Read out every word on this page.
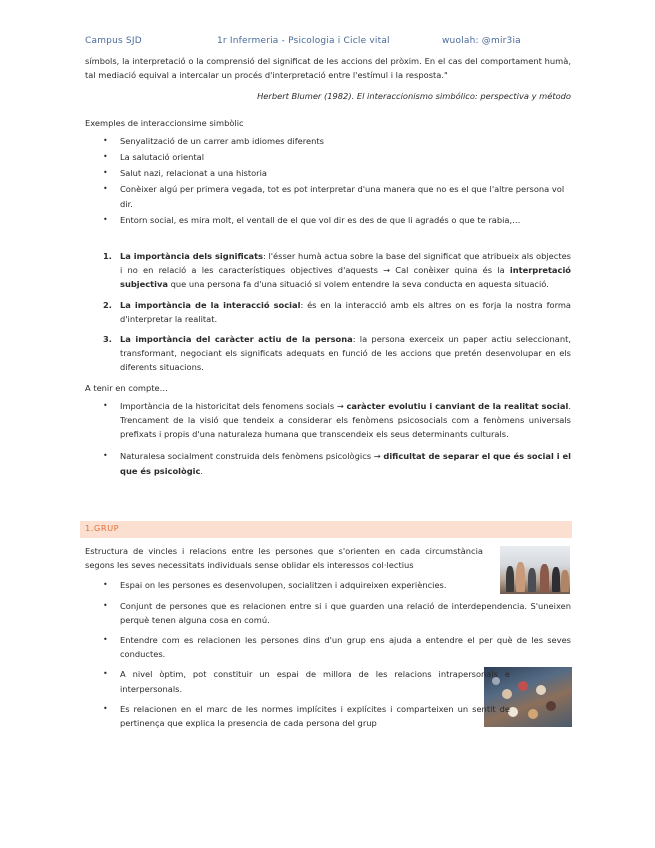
Campus SJD	1r Infermeria - Psicologia i Cicle vital	wuolah: @mir3ia

símbols, la interpretació o la comprensió del significat de les accions del pròxim. En el cas del comportament humà, tal mediació equival a intercalar un procés d'interpretació entre l'estímul i la resposta."

Herbert Blumer (1982). El interaccionismo simbólico: perspectiva y método

Exemples de interaccionsime simbòlic

• Senyalització de un carrer amb idiomes diferents
• La salutació oriental
• Salut nazi, relacionat a una historia
• Conèixer algú per primera vegada, tot es pot interpretar d'una manera que no es el que l'altre persona vol dir.
• Entorn social, es mira molt, el ventall de el que vol dir es des de que li agradés o que te rabia,…
1. La importància dels significats: l'ésser humà actua sobre la base del significat que atribueix als objectes i no en relació a les característiques objectives d'aquests → Cal conèixer quina és la interpretació subjectiva que una persona fa d'una situació si volem entendre la seva conducta en aquesta situació.
2. La importància de la interacció social: és en la interacció amb els altres on es forja la nostra forma d'interpretar la realitat.
3. La importància del caràcter actiu de la persona: la persona exerceix un paper actiu seleccionant, transformant, negociant els significats adequats en funció de les accions que pretén desenvolupar en els diferents situacions.

A tenir en compte…

• Importància de la historicitat dels fenomens socials → caràcter evolutiu i canviant de la realitat social. Trencament de la visió que tendeix a considerar els fenòmens psicosocials com a fenòmens universals prefixats i propis d'una naturaleza humana que transcendeix els seus determinants culturals.
• Naturalesa socialment construida dels fenòmens psicològics → dificultat de separar el que és social i el que és psicològic.
1.GRUP

Estructura de vincles i relacions entre les persones que s'orienten en cada circumstància segons les seves necessitats individuals sense oblidar els interessos col·lectius

• Espai on les persones es desenvolupen, socialitzen i adquireixen experiències.
• Conjunt de persones que es relacionen entre si i que guarden una relació de interdependencia. S'uneixen perquè tenen alguna cosa en comú.
• Entendre com es relacionen les persones dins d'un grup ens ajuda a entendre el per què de les seves conductes.
• A nivel òptim, pot constituir un espai de millora de les relacions intrapersonals e interpersonals.
• Es relacionen en el marc de les normes implícites i explícites i comparteixen un sentit de pertinença que explica la presencia de cada persona del grup
